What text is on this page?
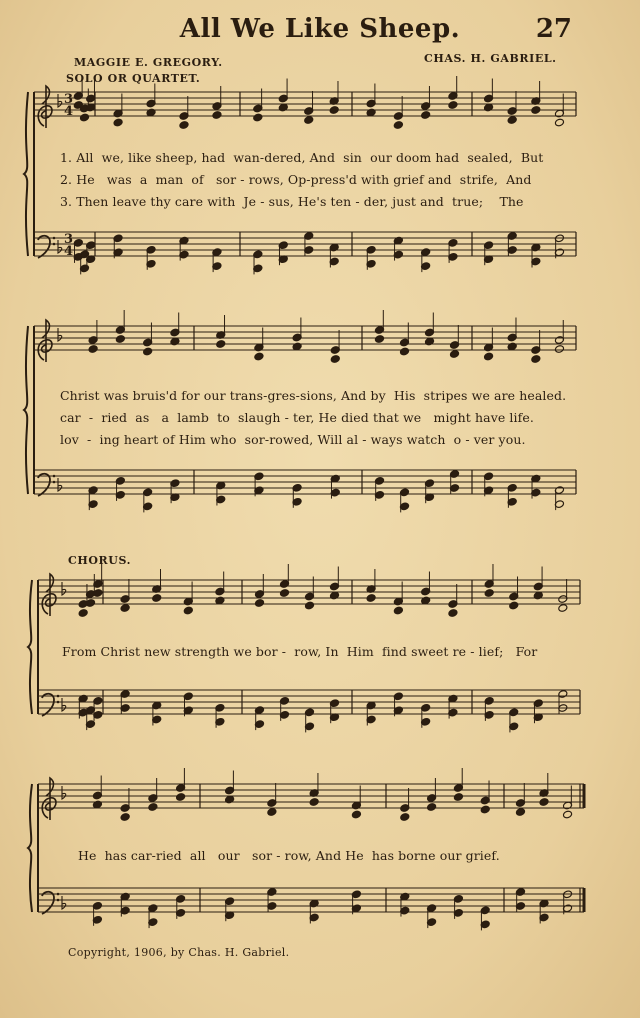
All We Like Sheep.	27
MAGGIE E. GREGORY.	CHAS. H. GABRIEL.
SOLO OR QUARTET.
CHORUS.
3
4
3
4
1. All  we, like sheep, had  wan-dered, And  sin  our doom had  sealed,  But
2. He   was  a  man  of   sor - rows, Op-press'd with grief and  strife,  And
3. Then leave thy care with  Je - sus, He's ten - der, just and  true;    The
Christ was bruis'd for our trans-gres-sions, And by  His  stripes we are healed.
car  -  ried  as   a  lamb  to  slaugh - ter, He died that we   might have life.
lov  -  ing heart of Him who  sor-rowed, Will al - ways watch  o - ver you.
From Christ new strength we bor -  row, In  Him  find sweet re - lief;   For
He  has car-ried  all   our   sor - row, And He  has borne our grief.
Copyright, 1906, by Chas. H. Gabriel.
